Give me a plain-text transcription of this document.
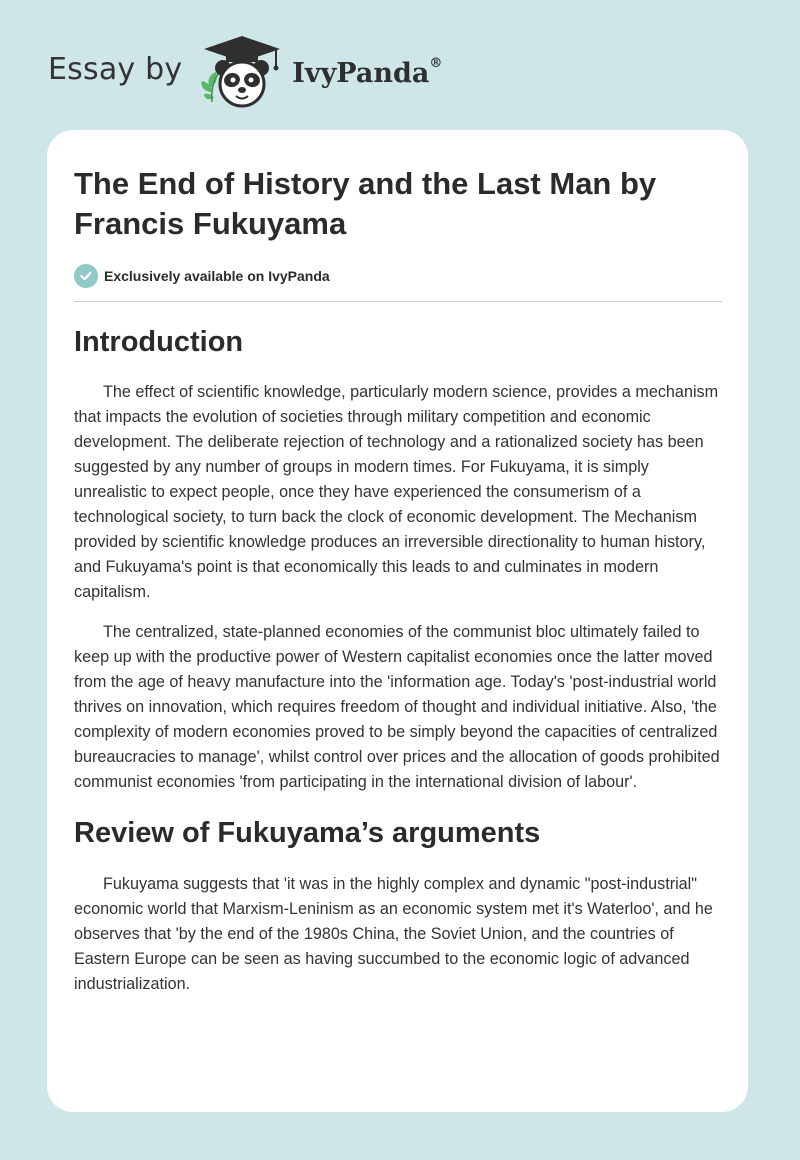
Essay by	IvyPanda®
The End of History and the Last Man by Francis Fukuyama
Exclusively available on IvyPanda
Introduction

The effect of scientific knowledge, particularly modern science, provides a mechanism that impacts the evolution of societies through military competition and economic development. The deliberate rejection of technology and a rationalized society has been suggested by any number of groups in modern times. For Fukuyama, it is simply unrealistic to expect people, once they have experienced the consumerism of a technological society, to turn back the clock of economic development. The Mechanism provided by scientific knowledge produces an irreversible directionality to human history, and Fukuyama's point is that economically this leads to and culminates in modern capitalism.

The centralized, state-planned economies of the communist bloc ultimately failed to keep up with the productive power of Western capitalist economies once the latter moved from the age of heavy manufacture into the 'information age. Today's 'post-industrial world thrives on innovation, which requires freedom of thought and individual initiative. Also, 'the complexity of modern economies proved to be simply beyond the capacities of centralized bureaucracies to manage', whilst control over prices and the allocation of goods prohibited communist economies 'from participating in the international division of labour'.

Review of Fukuyama’s arguments

Fukuyama suggests that 'it was in the highly complex and dynamic "post-industrial" economic world that Marxism-Leninism as an economic system met it's Waterloo', and he observes that 'by the end of the 1980s China, the Soviet Union, and the countries of Eastern Europe can be seen as having succumbed to the economic logic of advanced industrialization.
